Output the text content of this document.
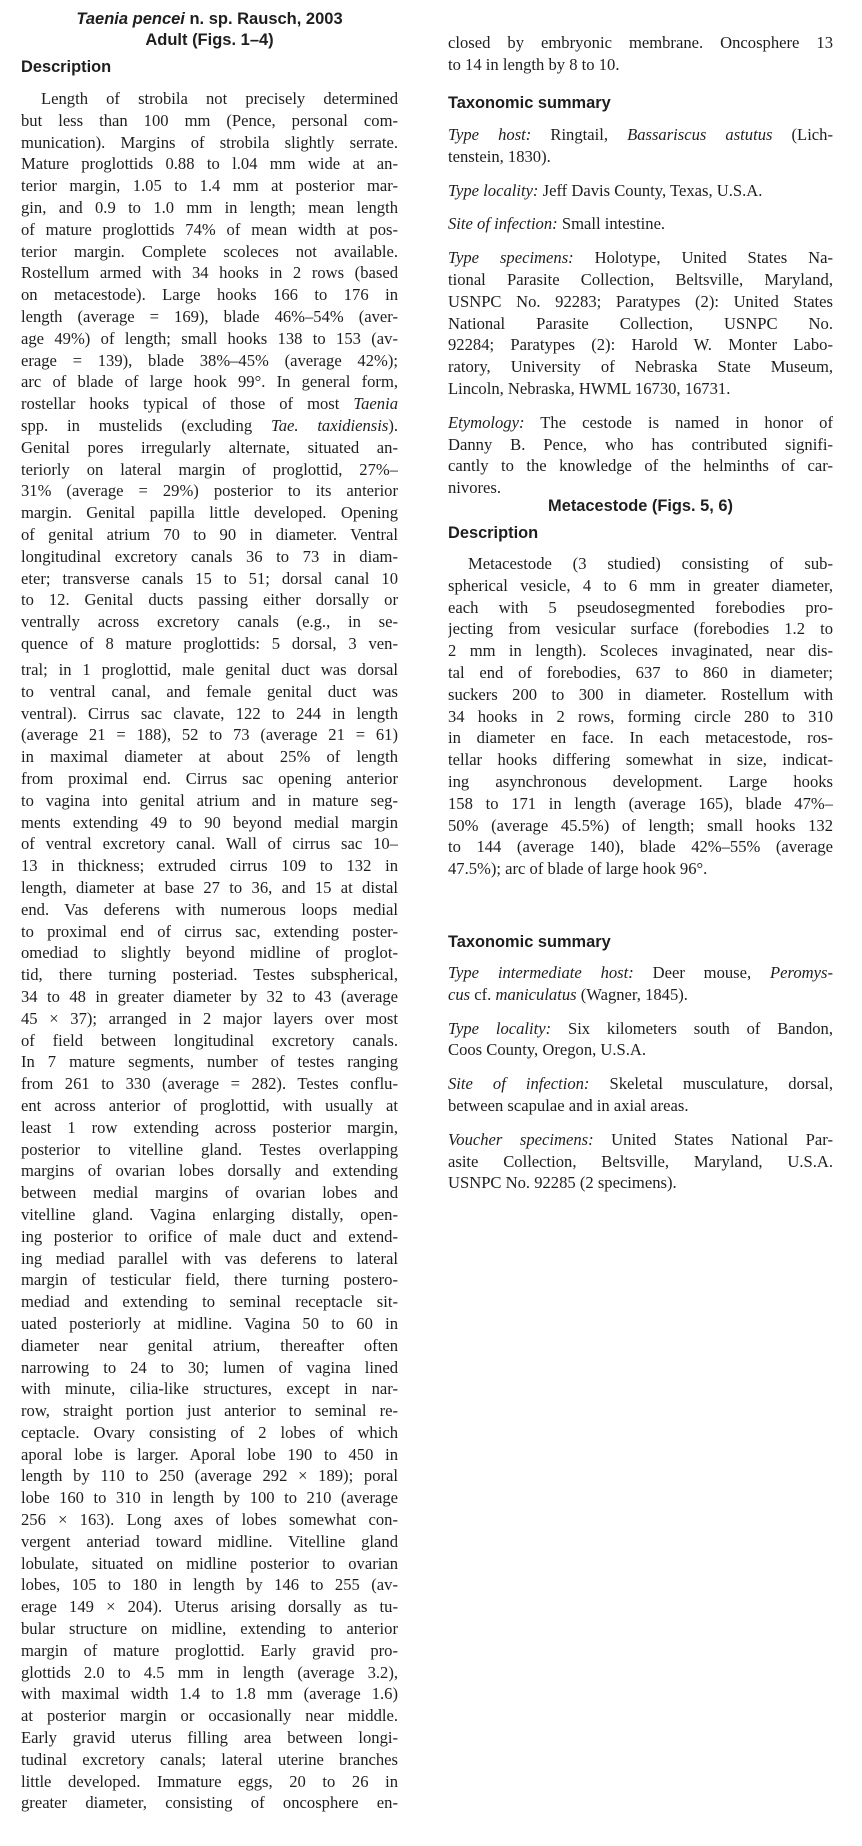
Taenia pencei n. sp. Rausch, 2003
Adult (Figs. 1–4)
Description
Length of strobila not precisely determined
but less than 100 mm (Pence, personal com-
munication). Margins of strobila slightly serrate.
Mature proglottids 0.88 to l.04 mm wide at an-
terior margin, 1.05 to 1.4 mm at posterior mar-
gin, and 0.9 to 1.0 mm in length; mean length
of mature proglottids 74% of mean width at pos-
terior margin. Complete scoleces not available.
Rostellum armed with 34 hooks in 2 rows (based
on metacestode). Large hooks 166 to 176 in
length (average = 169), blade 46%–54% (aver-
age 49%) of length; small hooks 138 to 153 (av-
erage = 139), blade 38%–45% (average 42%);
arc of blade of large hook 99°. In general form,
rostellar hooks typical of those of most Taenia
spp. in mustelids (excluding Tae. taxidiensis).
Genital pores irregularly alternate, situated an-
teriorly on lateral margin of proglottid, 27%–
31% (average = 29%) posterior to its anterior
margin. Genital papilla little developed. Opening
of genital atrium 70 to 90 in diameter. Ventral
longitudinal excretory canals 36 to 73 in diam-
eter; transverse canals 15 to 51; dorsal canal 10
to 12. Genital ducts passing either dorsally or
ventrally across excretory canals (e.g., in se-
quence of 8 mature proglottids: 5 dorsal, 3 ven-
tral; in 1 proglottid, male genital duct was dorsal
to ventral canal, and female genital duct was
ventral). Cirrus sac clavate, 122 to 244 in length
(average 21 = 188), 52 to 73 (average 21 = 61)
in maximal diameter at about 25% of length
from proximal end. Cirrus sac opening anterior
to vagina into genital atrium and in mature seg-
ments extending 49 to 90 beyond medial margin
of ventral excretory canal. Wall of cirrus sac 10–
13 in thickness; extruded cirrus 109 to 132 in
length, diameter at base 27 to 36, and 15 at distal
end. Vas deferens with numerous loops medial
to proximal end of cirrus sac, extending poster-
omediad to slightly beyond midline of proglot-
tid, there turning posteriad. Testes subspherical,
34 to 48 in greater diameter by 32 to 43 (average
45 × 37); arranged in 2 major layers over most
of field between longitudinal excretory canals.
In 7 mature segments, number of testes ranging
from 261 to 330 (average = 282). Testes conflu-
ent across anterior of proglottid, with usually at
least 1 row extending across posterior margin,
posterior to vitelline gland. Testes overlapping
margins of ovarian lobes dorsally and extending
between medial margins of ovarian lobes and
vitelline gland. Vagina enlarging distally, open-
ing posterior to orifice of male duct and extend-
ing mediad parallel with vas deferens to lateral
margin of testicular field, there turning postero-
mediad and extending to seminal receptacle sit-
uated posteriorly at midline. Vagina 50 to 60 in
diameter near genital atrium, thereafter often
narrowing to 24 to 30; lumen of vagina lined
with minute, cilia-like structures, except in nar-
row, straight portion just anterior to seminal re-
ceptacle. Ovary consisting of 2 lobes of which
aporal lobe is larger. Aporal lobe 190 to 450 in
length by 110 to 250 (average 292 × 189); poral
lobe 160 to 310 in length by 100 to 210 (average
256 × 163). Long axes of lobes somewhat con-
vergent anteriad toward midline. Vitelline gland
lobulate, situated on midline posterior to ovarian
lobes, 105 to 180 in length by 146 to 255 (av-
erage 149 × 204). Uterus arising dorsally as tu-
bular structure on midline, extending to anterior
margin of mature proglottid. Early gravid pro-
glottids 2.0 to 4.5 mm in length (average 3.2),
with maximal width 1.4 to 1.8 mm (average 1.6)
at posterior margin or occasionally near middle.
Early gravid uterus filling area between longi-
tudinal excretory canals; lateral uterine branches
little developed. Immature eggs, 20 to 26 in
greater diameter, consisting of oncosphere en-
closed by embryonic membrane. Oncosphere 13
to 14 in length by 8 to 10.
Taxonomic summary
Type host: Ringtail, Bassariscus astutus (Lich-
tenstein, 1830).
Type locality: Jeff Davis County, Texas, U.S.A.
Site of infection: Small intestine.
Type specimens: Holotype, United States Na-
tional Parasite Collection, Beltsville, Maryland,
USNPC No. 92283; Paratypes (2): United States
National Parasite Collection, USNPC No.
92284; Paratypes (2): Harold W. Monter Labo-
ratory, University of Nebraska State Museum,
Lincoln, Nebraska, HWML 16730, 16731.
Etymology: The cestode is named in honor of
Danny B. Pence, who has contributed signifi-
cantly to the knowledge of the helminths of car-
nivores.
Metacestode (Figs. 5, 6)
Description
Metacestode (3 studied) consisting of sub-
spherical vesicle, 4 to 6 mm in greater diameter,
each with 5 pseudosegmented forebodies pro-
jecting from vesicular surface (forebodies 1.2 to
2 mm in length). Scoleces invaginated, near dis-
tal end of forebodies, 637 to 860 in diameter;
suckers 200 to 300 in diameter. Rostellum with
34 hooks in 2 rows, forming circle 280 to 310
in diameter en face. In each metacestode, ros-
tellar hooks differing somewhat in size, indicat-
ing asynchronous development. Large hooks
158 to 171 in length (average 165), blade 47%–
50% (average 45.5%) of length; small hooks 132
to 144 (average 140), blade 42%–55% (average
47.5%); arc of blade of large hook 96°.
Taxonomic summary
Type intermediate host: Deer mouse, Peromys-
cus cf. maniculatus (Wagner, 1845).
Type locality: Six kilometers south of Bandon,
Coos County, Oregon, U.S.A.
Site of infection: Skeletal musculature, dorsal,
between scapulae and in axial areas.
Voucher specimens: United States National Par-
asite Collection, Beltsville, Maryland, U.S.A.
USNPC No. 92285 (2 specimens).
